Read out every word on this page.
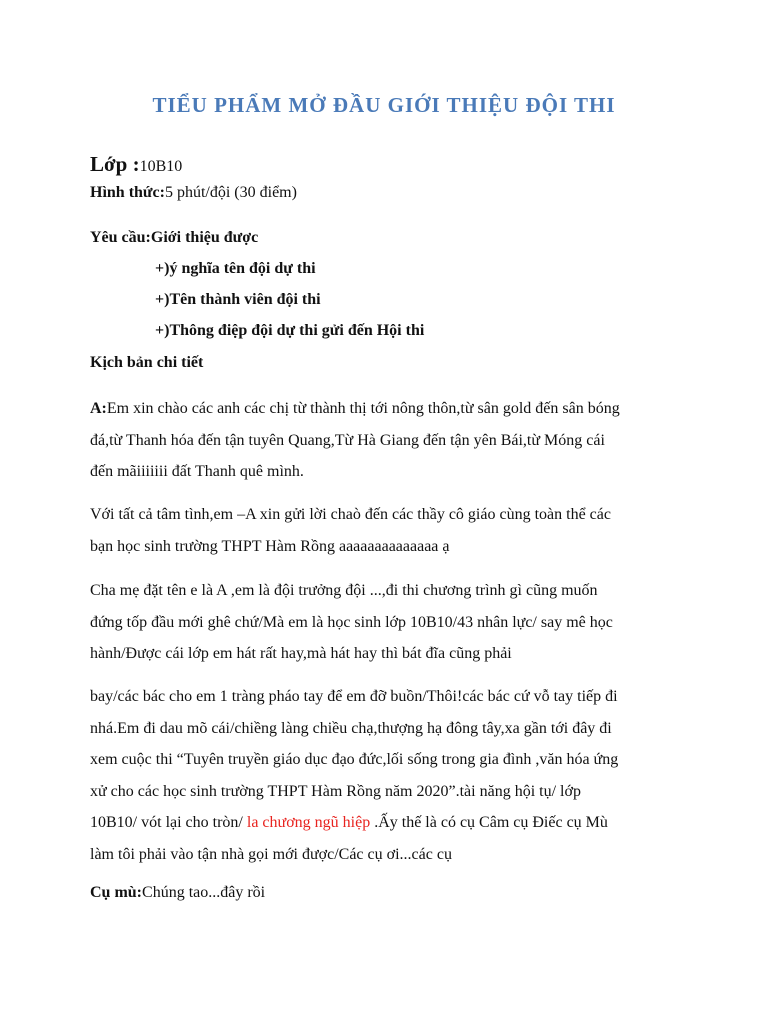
TIỂU PHẨM MỞ ĐẦU GIỚI THIỆU ĐỘI THI
Lớp :10B10
Hình thức:5 phút/đội (30 điểm)
Yêu cầu:Giới thiệu được
+)ý nghĩa tên đội dự thi
+)Tên thành viên đội thi
+)Thông điệp đội dự thi gửi đến Hội thi
Kịch bản chi tiết
A:Em xin chào các anh các chị từ thành thị tới nông thôn,từ sân gold đến sân bóng
đá,từ Thanh hóa đến tận tuyên Quang,Từ Hà Giang đến tận yên Bái,từ Móng cái
đến mãiiiiiii đất Thanh quê mình.
Với tất cả tâm tình,em –A xin gửi lời chaò đến các thầy cô giáo cùng toàn thể các
bạn học sinh trường THPT Hàm Rồng aaaaaaaaaaaaaa ạ
Cha mẹ đặt tên e là A ,em là đội trưởng đội ...,đi thi chương trình gì cũng muốn
đứng tốp đầu mới ghê chứ/Mà em là học sinh lớp 10B10/43 nhân lực/ say mê học
hành/Được cái lớp em hát rất hay,mà hát hay thì bát đĩa cũng phải
bay/các bác cho em 1 tràng pháo tay để em đỡ buồn/Thôi!các bác cứ vỗ tay tiếp đi
nhá.Em đi dau mõ cái/chiềng làng chiều chạ,thượng hạ đông tây,xa gần tới đây đi
xem cuộc thi “Tuyên truyền giáo dục đạo đức,lối sống trong gia đình ,văn hóa ứng
xử cho các học sinh trường THPT Hàm Rồng năm 2020”.tài năng hội tụ/ lớp
10B10/ vót lại cho tròn/ la chương ngũ hiệp .Ấy thế là có cụ Câm cụ Điếc cụ Mù
làm tôi phải vào tận nhà gọi mới được/Các cụ ơi...các cụ
Cụ mù:Chúng tao...đây rồi
